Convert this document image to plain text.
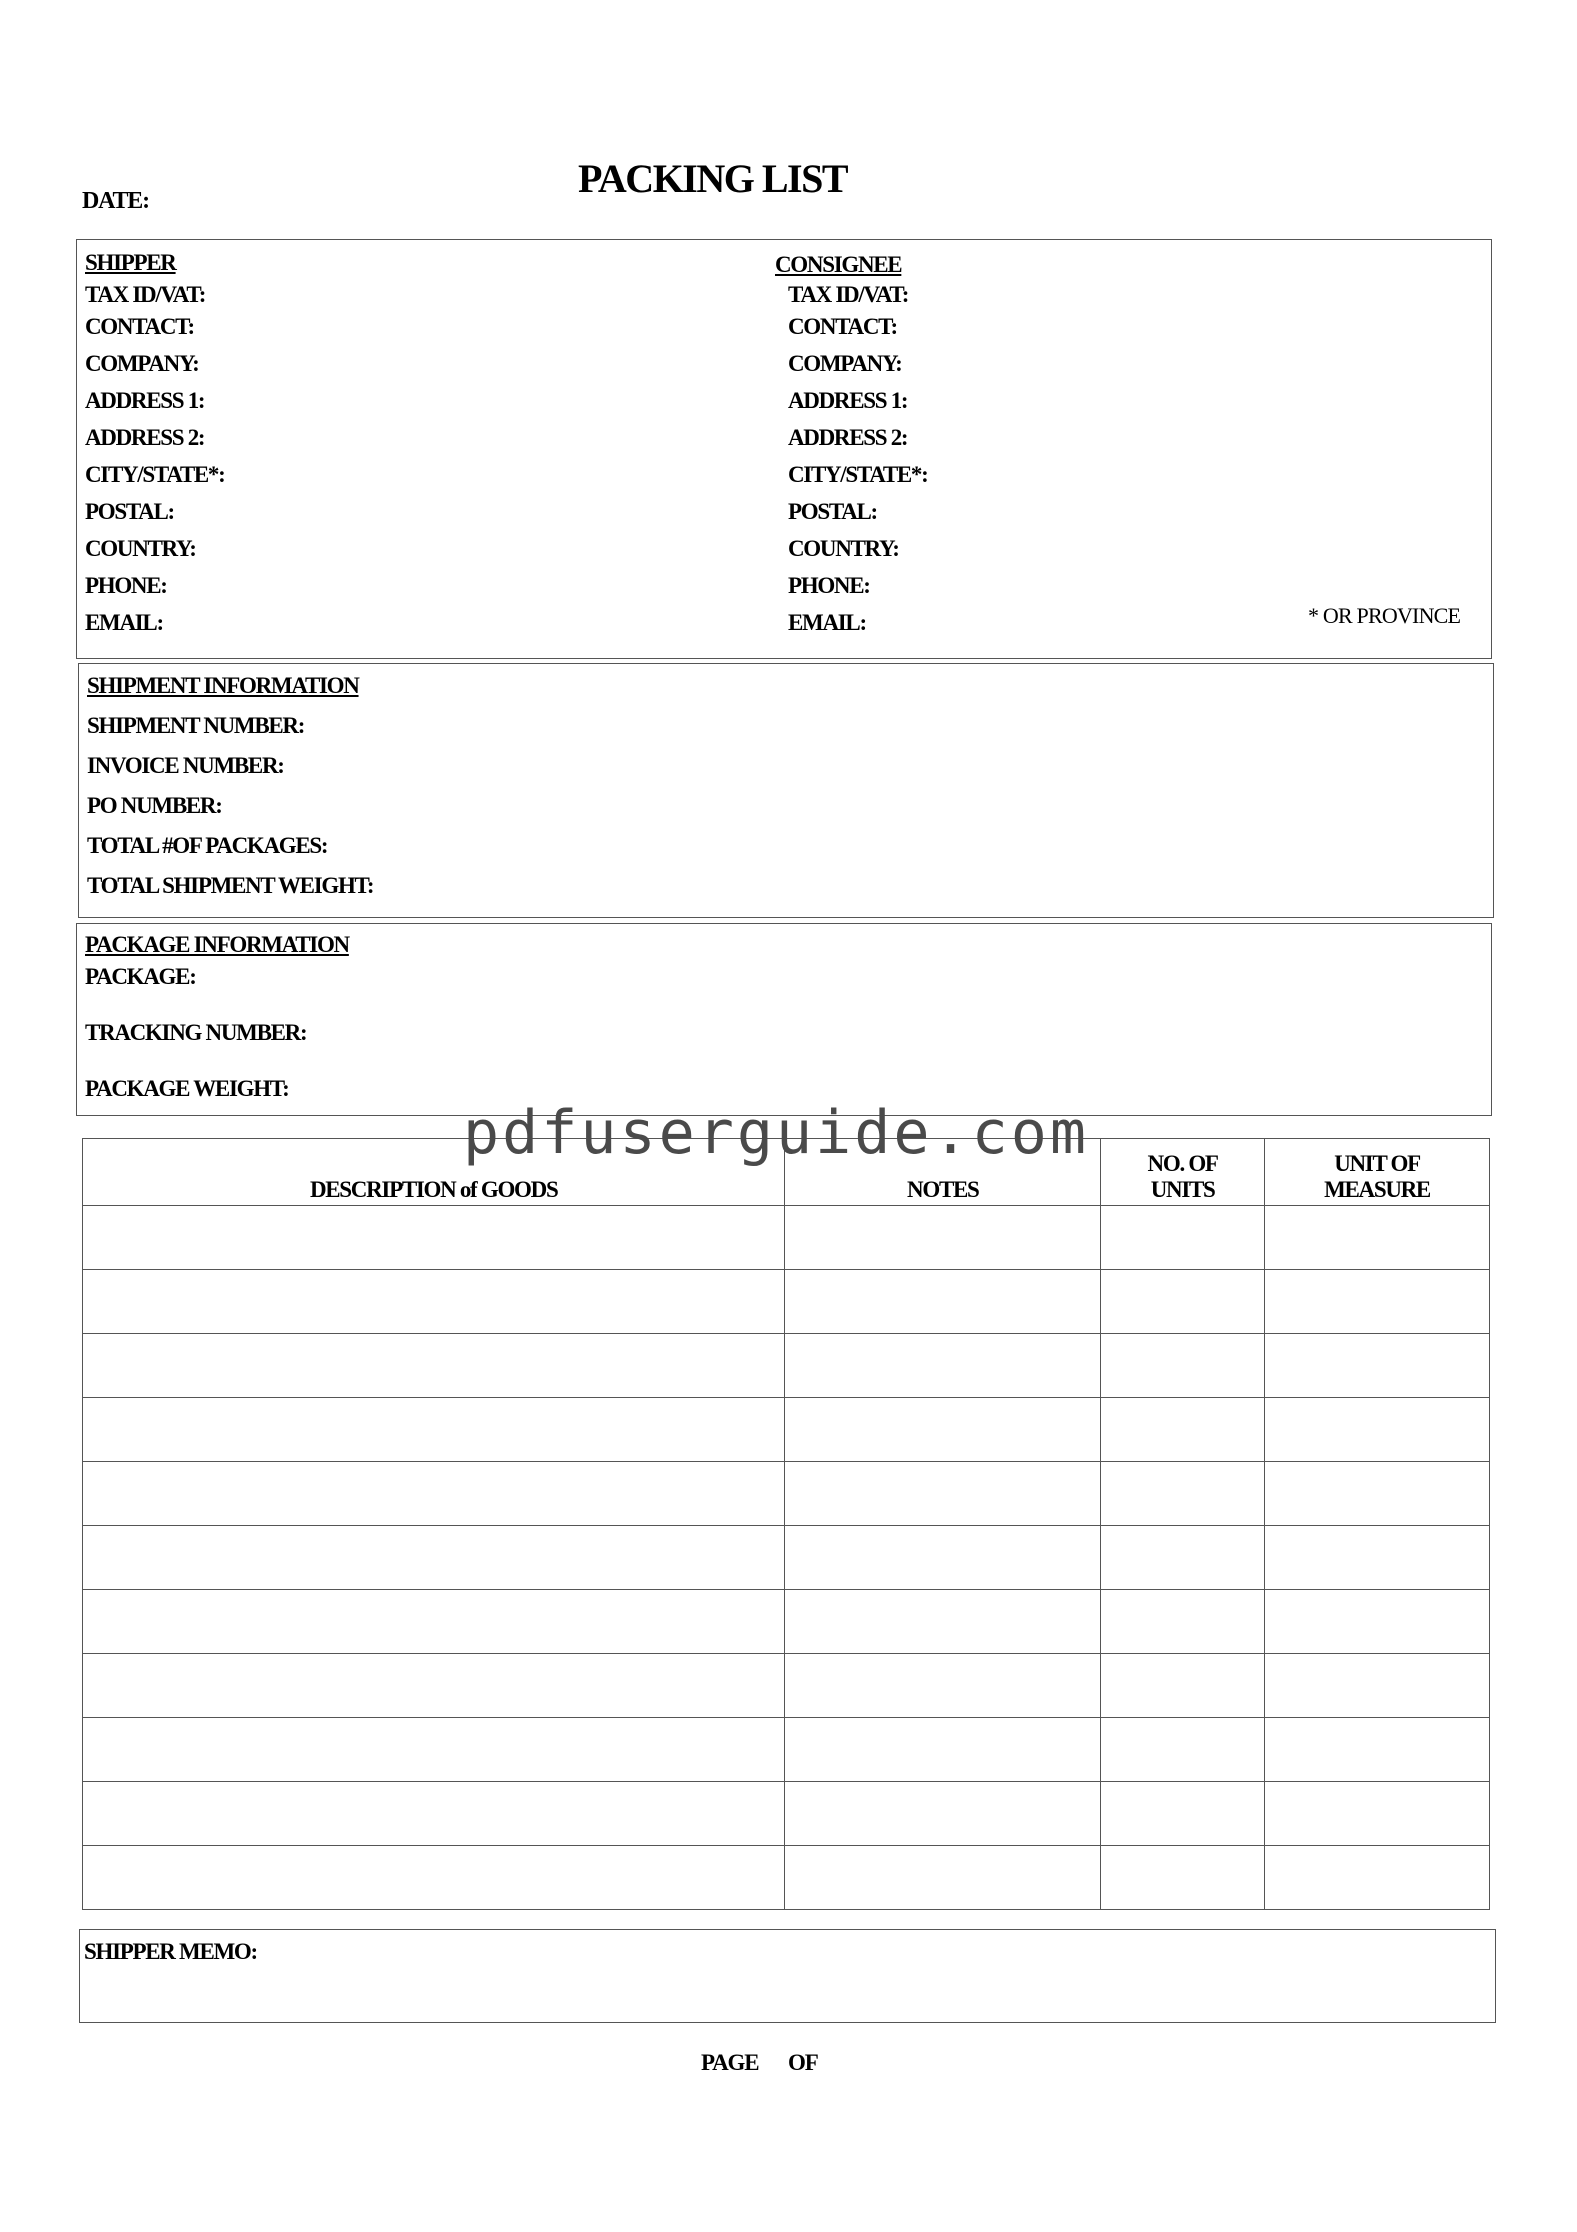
PACKING LIST
DATE:
SHIPPER
TAX ID/VAT:
CONTACT:
COMPANY:
ADDRESS 1:
ADDRESS 2:
CITY/STATE*:
POSTAL:
COUNTRY:
PHONE:
EMAIL:
CONSIGNEE
TAX ID/VAT:
CONTACT:
COMPANY:
ADDRESS 1:
ADDRESS 2:
CITY/STATE*:
POSTAL:
COUNTRY:
PHONE:
EMAIL:	* OR PROVINCE
SHIPMENT INFORMATION
SHIPMENT NUMBER:
INVOICE NUMBER:
PO NUMBER:
TOTAL #OF PACKAGES:
TOTAL SHIPMENT WEIGHT:
PACKAGE INFORMATION
PACKAGE:
TRACKING NUMBER:
PACKAGE WEIGHT:
DESCRIPTION of GOODS	NOTES	NO. OF UNITS	UNIT OF MEASURE

pdfuserguide.com
SHIPPER MEMO:
PAGE OF
